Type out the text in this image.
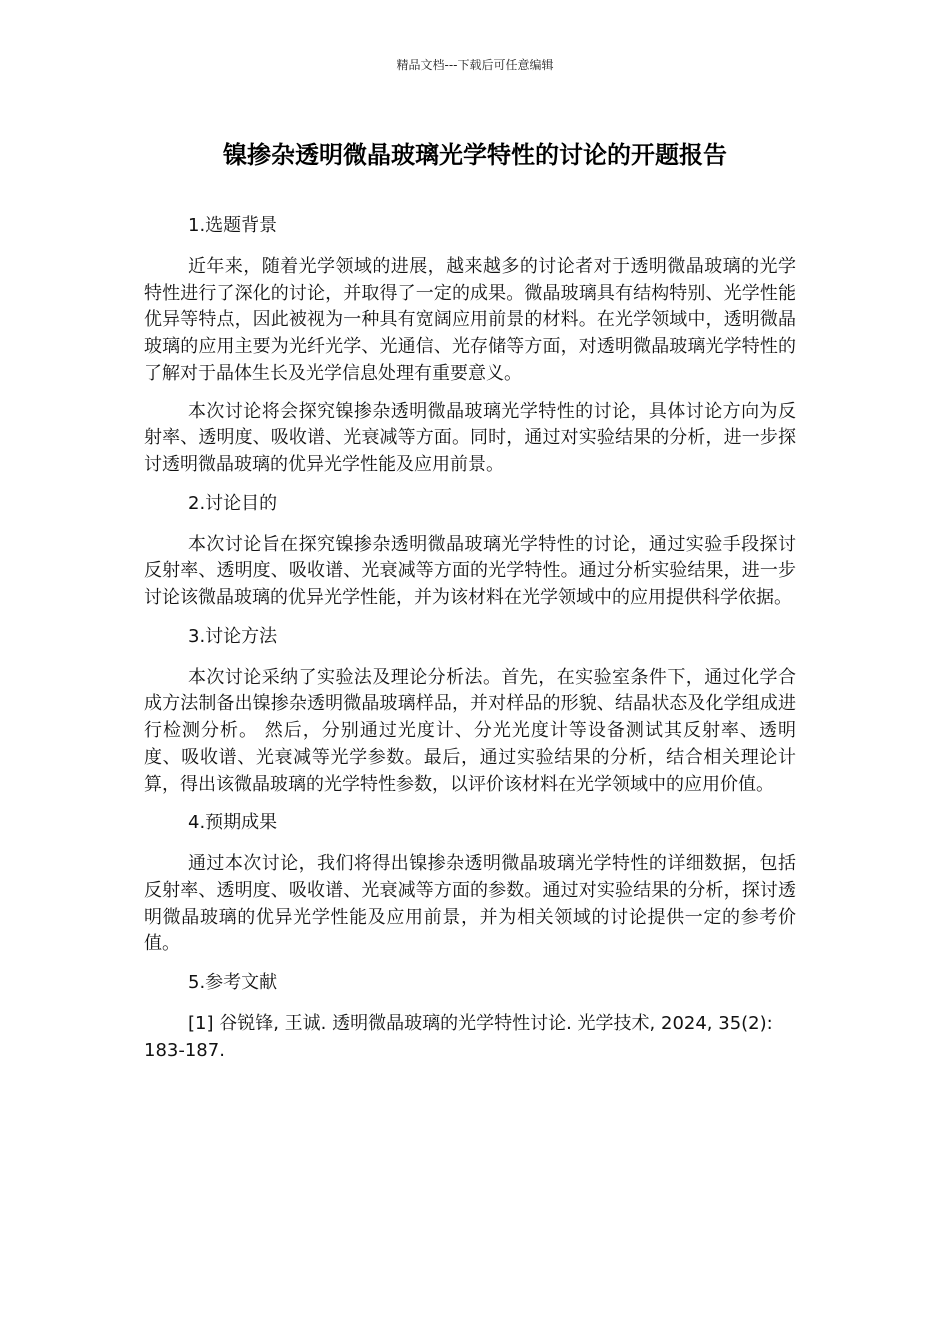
精品文档---下载后可任意编辑
镍掺杂透明微晶玻璃光学特性的讨论的开题报告

1.选题背景

近年来，随着光学领域的进展，越来越多的讨论者对于透明微晶玻璃的光学特性进行了深化的讨论，并取得了一定的成果。微晶玻璃具有结构特别、光学性能优异等特点，因此被视为一种具有宽阔应用前景的材料。在光学领域中，透明微晶玻璃的应用主要为光纤光学、光通信、光存储等方面，对透明微晶玻璃光学特性的了解对于晶体生长及光学信息处理有重要意义。

本次讨论将会探究镍掺杂透明微晶玻璃光学特性的讨论，具体讨论方向为反射率、透明度、吸收谱、光衰减等方面。同时，通过对实验结果的分析，进一步探讨透明微晶玻璃的优异光学性能及应用前景。

2.讨论目的

本次讨论旨在探究镍掺杂透明微晶玻璃光学特性的讨论，通过实验手段探讨反射率、透明度、吸收谱、光衰减等方面的光学特性。通过分析实验结果，进一步讨论该微晶玻璃的优异光学性能，并为该材料在光学领域中的应用提供科学依据。

3.讨论方法

本次讨论采纳了实验法及理论分析法。首先，在实验室条件下，通过化学合成方法制备出镍掺杂透明微晶玻璃样品，并对样品的形貌、结晶状态及化学组成进行检测分析。 然后，分别通过光度计、分光光度计等设备测试其反射率、透明度、吸收谱、光衰减等光学参数。最后，通过实验结果的分析，结合相关理论计算，得出该微晶玻璃的光学特性参数，以评价该材料在光学领域中的应用价值。

4.预期成果

通过本次讨论，我们将得出镍掺杂透明微晶玻璃光学特性的详细数据，包括反射率、透明度、吸收谱、光衰减等方面的参数。通过对实验结果的分析，探讨透明微晶玻璃的优异光学性能及应用前景，并为相关领域的讨论提供一定的参考价值。

5.参考文献

[1] 谷锐锋, 王诚. 透明微晶玻璃的光学特性讨论. 光学技术, 2024, 35(2): 183-187.
